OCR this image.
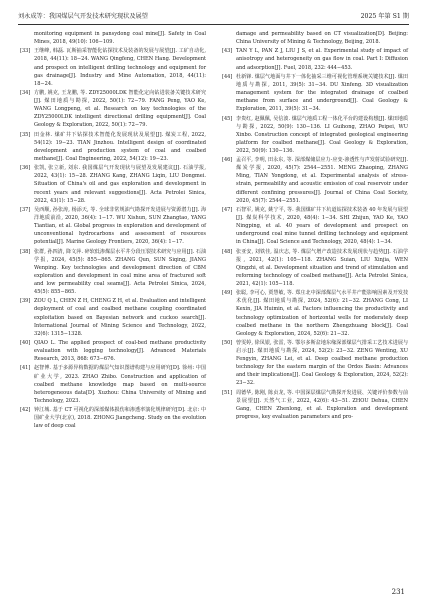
刘永成等：我国煤层气开发技术研究现状及展望	2025 年第 S1 期
monitoring equipment in pansydong coal mine[J]. Safety in Coal Mines, 2018, 49(10): 106−109.
[33] 王继峰, 韩磊. 瓦斯抽采智能化钻探技术及装备的发展与展望[J]. 工矿自动化, 2018, 44(11): 18−24. WANG Qingfeng, CHEN Hang. Development and prospect on intelligent drilling technology and equipment for gas drainage[J]. Industry and Mine Automation, 2018, 44(11): 18−24.
[34] 方鹏, 姚克, 王龙鹏, 等. ZDY25000LDK 智能化定向钻进装备关键技术研究[J]. 煤田地质与勘探, 2022, 50(1): 72−79. FANG Peng, YAO Ke, WANG Longpeng, et al. Research on key technologies of the ZDY25000LDK intelligent directional drilling equipment[J]. Coal Geology & Exploration, 2022, 50(1): 72−79.
[35] 田金林. 煤矿井下钻探技术智能化发展现状及展望[J]. 煤炭工程, 2022, 54(12): 19−23. TIAN Jinzhou. Intelligent design of coordinated development and production system of coal and coalbed methane[J]. Coal Engineering, 2022, 54(12): 19−23.
[36] 张凯, 张立新, 刘东. 我国煤层气开发现状与展望及发展建议[J]. 石油学报, 2022, 43(1): 15−28. ZHANG Kang, ZHANG Liqin, LIU Dongmei. Situation of China's oil and gas exploration and development in recent years and relevant suggestions[J]. Acta Petrolei Sinica, 2022, 43(1): 15−28.
[37] 吴西顺, 孙张涛, 杨添天, 等. 全球非常规油气勘探开发进展与资源潜力[J]. 海洋地质前沿, 2020, 36(4): 1−17. WU Xishun, SUN Zhangtao, YANG Tiantian, et al. Global progress in exploration and development of unconventional hydrocarbons and assessment of resources potential[J]. Marine Geology Frontiers, 2020, 36(4): 1−17.
[38] 张群, 孙四清, 降文萍. 碎软低渗煤层水平井分段压裂技术研究与应用[J]. 石油学报, 2024, 45(5): 855−865. ZHANG Qun, SUN Siqing, JIANG Wenping. Key technologies and development direction of CBM exploration and development in coal mine area of fractured soft and low permeability coal seams[J]. Acta Petrolei Sinica, 2024, 45(5): 855−865.
[39] ZOU Q L, CHEN Z H, CHENG Z H, et al. Evaluation and intelligent deployment of coal and coalbed methane coupling coordinated exploitation based on Bayesian network and cuckoo search[J]. International Journal of Mining Science and Technology, 2022, 32(6): 1315−1328.
[40] QIAO L. The applied prospect of coal-bed methane productivity evaluation with logging technology[J]. Advanced Materials Research, 2013, 868: 673−676.
[41] 赵智博. 基于多源异构数据的煤层气知识图谱构建与应用研究[D]. 徐州: 中国矿业大学, 2023. ZHAO Zhibo. Construction and application of coalbed methane knowledge map based on multi-source heterogeneous data[D]. Xuzhou: China University of Mining and Technology, 2023.
[42] 钟江城. 基于 CT 可视化的深部煤体损伤和渗透率演化规律研究[D]. 北京: 中国矿业大学(北京), 2018. ZHONG Jiangcheng. Study on the evolution law of deep coal
damage and permeability based on CT visualization[D]. Beijing: China University of Mining & Technology, Beijing, 2018.
[43] TAN Y L, PAN Z J, LIU J S, et al. Experimental study of impact of anisotropy and heterogeneity on gas flow in coal. Part I: Diffusion and adsorption[J]. Fuel, 2018, 232: 444−453.
[44] 杜新锋. 煤层气地面与井下一体化抽采三维可视化管理系统关键技术[J]. 煤田地质与勘探, 2011, 39(5): 31−34. DU Xinfeng. 3D visualization management system for the integrated drainage of coalbed methane from surface and underground[J]. Coal Geology & Exploration, 2011, 39(5): 31−34.
[45] 李贵红, 赵佩佩, 吴信波. 煤层气地质工程一体化平台的建设构想[J]. 煤田地质与勘探, 2022, 50(9): 130−136. LI Guihong, ZHAO Peipei, WU Xinbo. Construction concept of integrated geological engineering platform for coalbed methane[J]. Coal Geology & Exploration, 2022, 50(9): 130−136.
[46] 孟召平, 李明, 田永东, 等. 深部煤储层应力-应变-渗透性与声发射试验研究[J]. 煤炭学报, 2020, 45(7): 2544−2551. MENG Zhaoping, ZHANG Ming, TIAN Yongdong, et al. Experimental analysis of stress-strain, permeability and acoustic emission of coal reservoir under different confining pressures[J]. Journal of China Coal Society, 2020, 45(7): 2544−2551.
[47] 石智军, 姚克, 姚宁平, 等. 我国煤矿井下坑道钻探技术装备 40 年发展与展望[J]. 煤炭科学技术, 2020, 48(4): 1−34. SHI Zhijun, YAO Ke, YAO Ningping, et al. 40 years of development and prospect on underground coal mine tunnel drilling technology and equipment in China[J]. Coal Science and Technology, 2020, 48(4): 1−34.
[48] 张亚安, 刘铁佳, 温庆志, 等. 煤层气增产改造技术发展现状与趋势[J]. 石油学报, 2021, 42(1): 105−118. ZHANG Suian, LIU Xinjia, WEN Qingzhi, et al. Development situation and trend of stimulation and reforming technology of coalbed methane[J]. Acta Petrolei Sinica, 2021, 42(1): 105−118.
[49] 张聪, 李可心, 贾慧敏, 等. 郑庄北中深部煤层气水平井产能影响因素及开发技术优化[J]. 煤田地质与勘探, 2024, 52(6): 21−32. ZHANG Cong, LI Kexin, JIA Huimin, et al. Factors influencing the productivity and technology optimization of horizontal wells for moderately deep coalbed methane in the northern Zhengzhuang block[J]. Coal Geology & Exploration, 2024, 52(6): 21−32.
[50] 曾雯婷, 徐凤银, 张雷, 等. 鄂尔多斯盆地东缘深部煤层气排采工艺技术进展与启示[J]. 煤田地质与勘探, 2024, 52(2): 23−32. ZENG Wenting, XU Fengyin, ZHANG Lei, et al. Deep coalbed methane production technology for the eastern margin of the Ordos Basin: Advances and their implications[J]. Coal Geology & Exploration, 2024, 52(2): 23−32.
[51] 周德华, 陈刚, 陈贞龙, 等. 中国深层煤层气勘探开发进展、关键评价参数与前景展望[J]. 天然气工业, 2022, 42(6): 43−51. ZHOU Dehua, CHEN Gang, CHEN Zhenlong, et al. Exploration and development progress, key evaluation parameters and pro-
231
